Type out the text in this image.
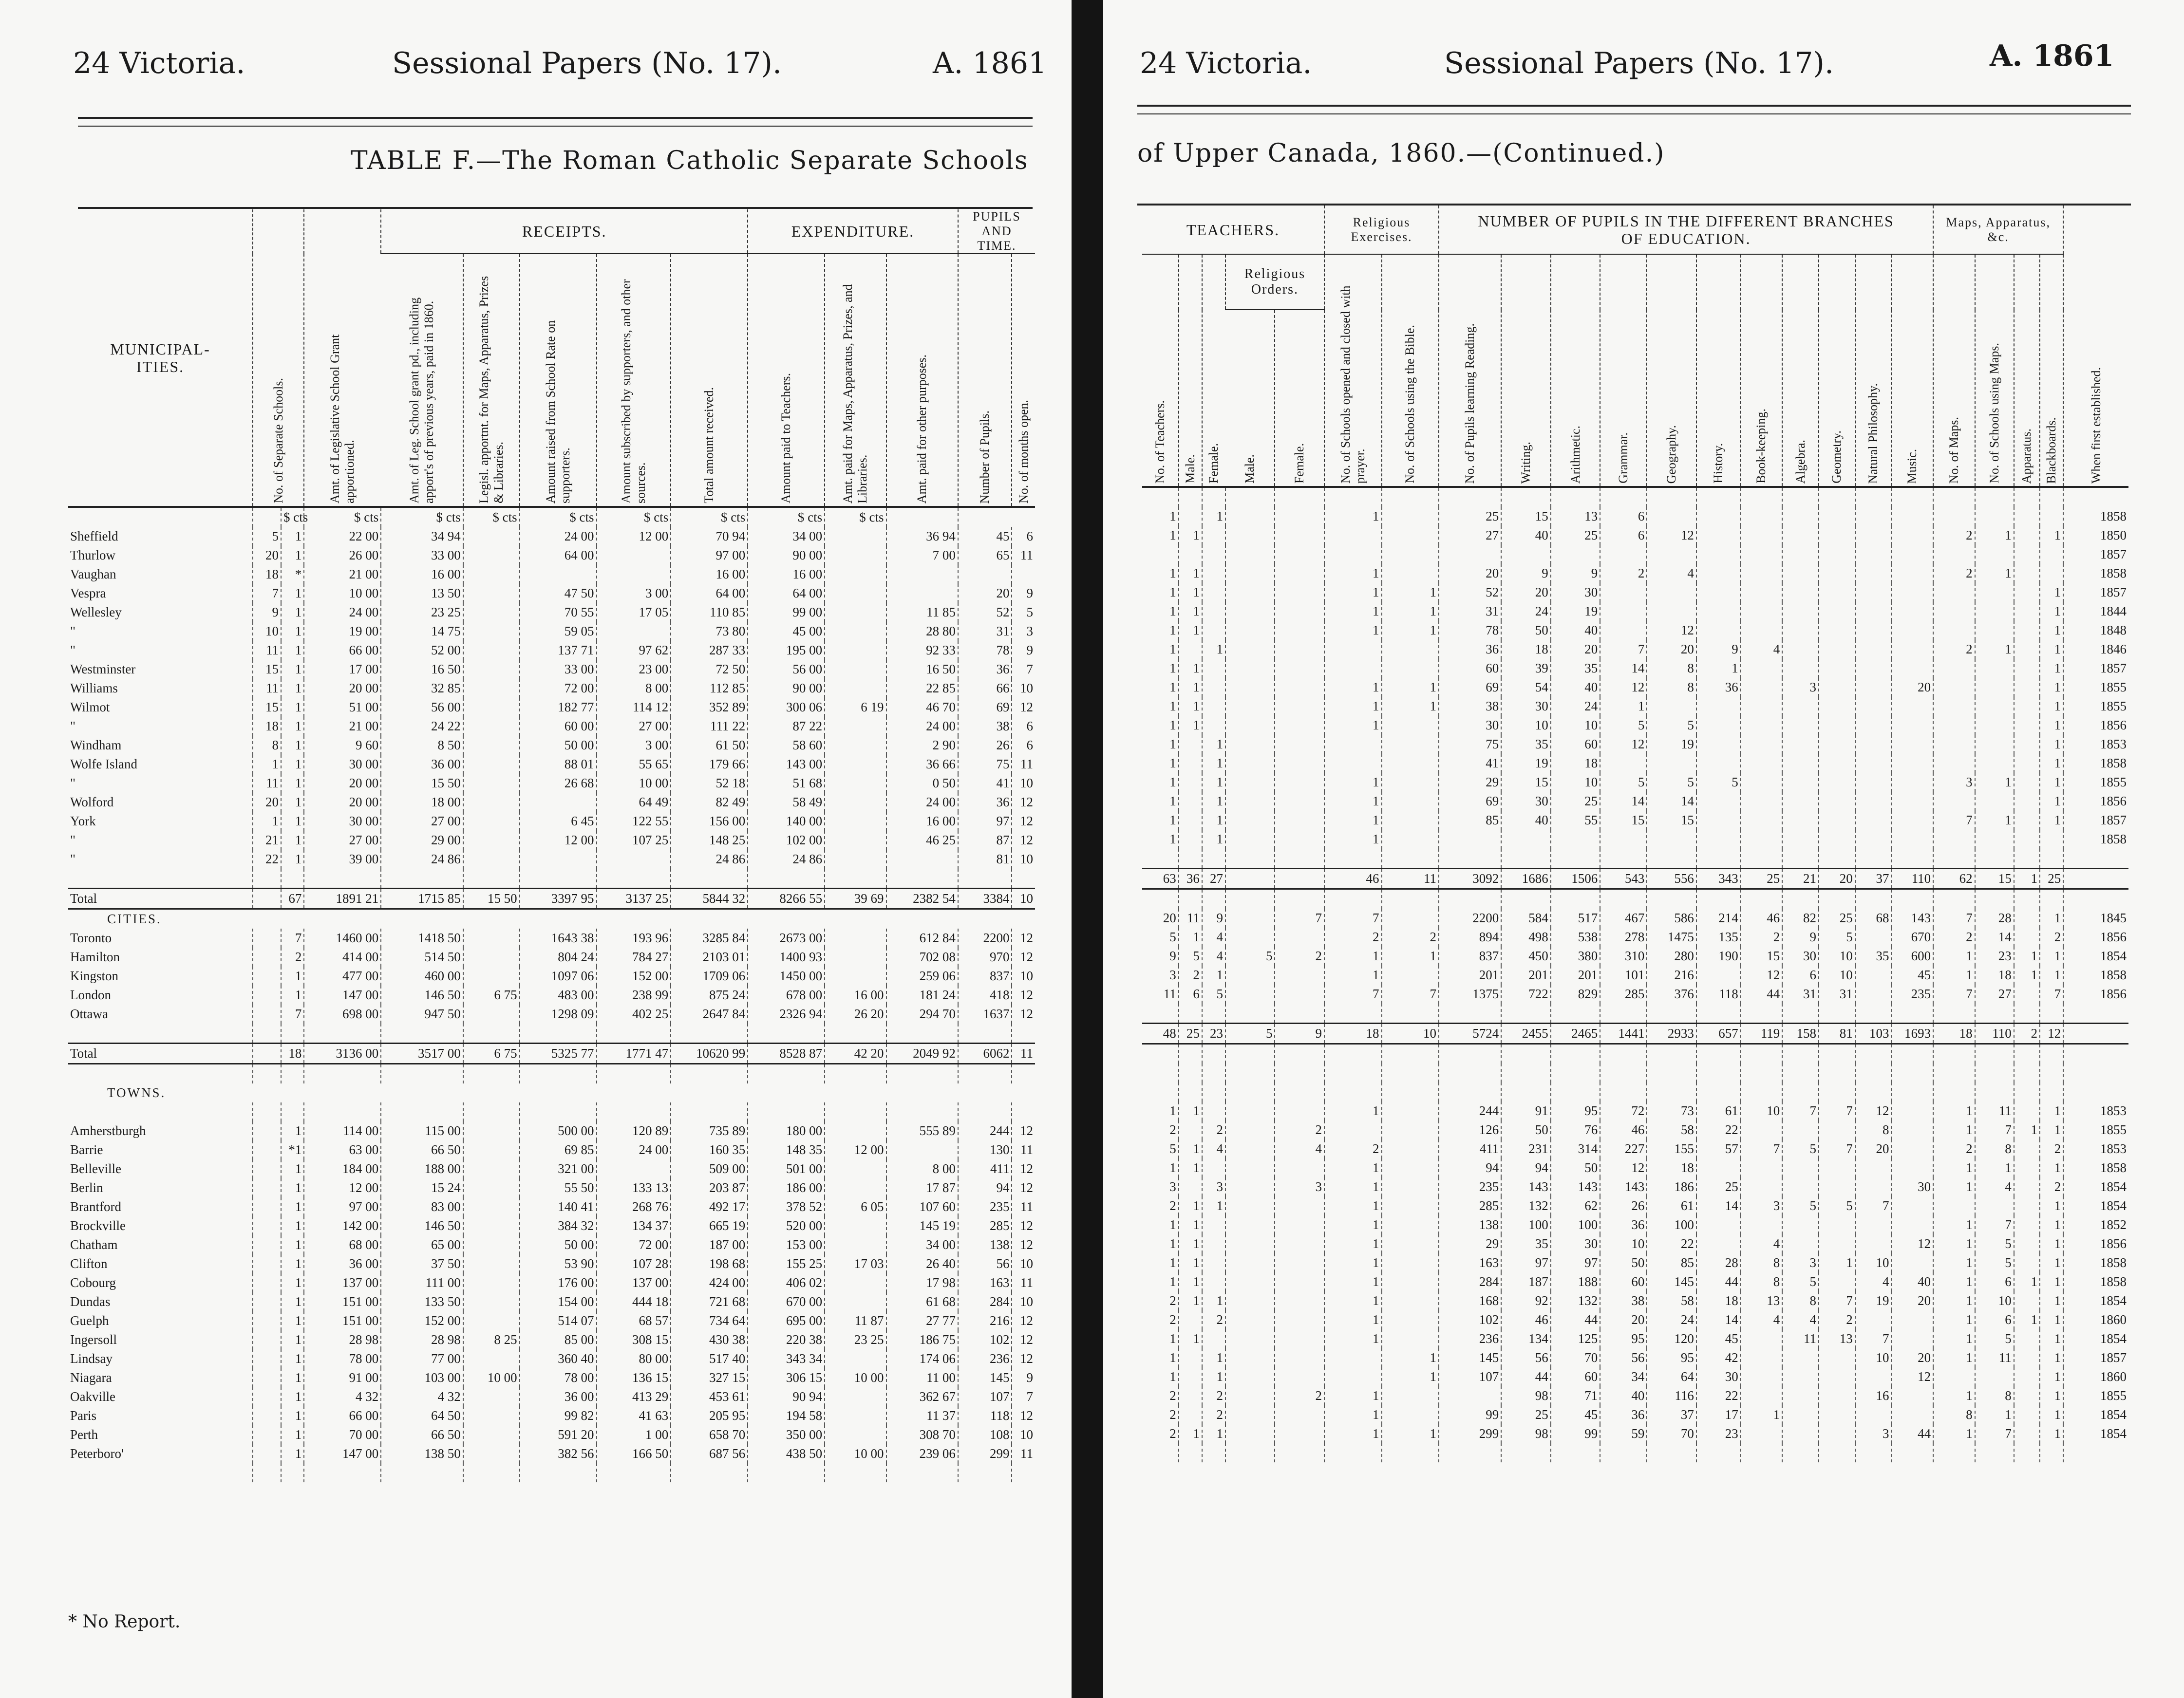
24 Victoria.	Sessional Papers (No. 17).	A. 1861
TABLE F.—The Roman Catholic Separate Schools
MUNICIPAL-ITIES.	No. of Separate Schools.		Amt. of Legislative School Grant apportioned.	RECEIPTS.					EXPENDITURE.			PUPILS AND TIME.	
				Amt. of Leg. School grant pd., including apport's of previous years, paid in 1860.	Legisl. apportnt. for Maps, Apparatus, Prizes & Libraries.	Amount raised from School Rate on supporters.	Amount subscribed by supporters, and other sources.	Total amount received.	Amount paid to Teachers.	Amt. paid for Maps, Apparatus, Prizes, and Libraries.	Amt. paid for other purposes.	Number of Pupils.	No. of months open.
		$ cts	$ cts	$ cts	$ cts	$ cts	$ cts	$ cts	$ cts	$ cts			
Sheffield	5	1	22 00	34 94		24 00	12 00	70 94	34 00		36 94	45	6
Thurlow	20	1	26 00	33 00		64 00		97 00	90 00		7 00	65	11
Vaughan	18	*	21 00	16 00				16 00	16 00				
Vespra	7	1	10 00	13 50		47 50	3 00	64 00	64 00			20	9
Wellesley	9	1	24 00	23 25		70 55	17 05	110 85	99 00		11 85	52	5
"	10	1	19 00	14 75		59 05		73 80	45 00		28 80	31	3
"	11	1	66 00	52 00		137 71	97 62	287 33	195 00		92 33	78	9
Westminster	15	1	17 00	16 50		33 00	23 00	72 50	56 00		16 50	36	7
Williams	11	1	20 00	32 85		72 00	8 00	112 85	90 00		22 85	66	10
Wilmot	15	1	51 00	56 00		182 77	114 12	352 89	300 06	6 19	46 70	69	12
"	18	1	21 00	24 22		60 00	27 00	111 22	87 22		24 00	38	6
Windham	8	1	9 60	8 50		50 00	3 00	61 50	58 60		2 90	26	6
Wolfe Island	1	1	30 00	36 00		88 01	55 65	179 66	143 00		36 66	75	11
"	11	1	20 00	15 50		26 68	10 00	52 18	51 68		0 50	41	10
Wolford	20	1	20 00	18 00			64 49	82 49	58 49		24 00	36	12
York	1	1	30 00	27 00		6 45	122 55	156 00	140 00		16 00	97	12
"	21	1	27 00	29 00		12 00	107 25	148 25	102 00		46 25	87	12
"	22	1	39 00	24 86				24 86	24 86			81	10

Total		67	1891 21	1715 85	15 50	3397 95	3137 25	5844 32	8266 55	39 69	2382 54	3384	10
CITIES.													
Toronto		7	1460 00	1418 50		1643 38	193 96	3285 84	2673 00		612 84	2200	12
Hamilton		2	414 00	514 50		804 24	784 27	2103 01	1400 93		702 08	970	12
Kingston		1	477 00	460 00		1097 06	152 00	1709 06	1450 00		259 06	837	10
London		1	147 00	146 50	6 75	483 00	238 99	875 24	678 00	16 00	181 24	418	12
Ottawa		7	698 00	947 50		1298 09	402 25	2647 84	2326 94	26 20	294 70	1637	12

Total		18	3136 00	3517 00	6 75	5325 77	1771 47	10620 99	8528 87	42 20	2049 92	6062	11

TOWNS.													

Amherstburgh		1	114 00	115 00		500 00	120 89	735 89	180 00		555 89	244	12
Barrie		*1	63 00	66 50		69 85	24 00	160 35	148 35	12 00		130	11
Belleville		1	184 00	188 00		321 00		509 00	501 00		8 00	411	12
Berlin		1	12 00	15 24		55 50	133 13	203 87	186 00		17 87	94	12
Brantford		1	97 00	83 00		140 41	268 76	492 17	378 52	6 05	107 60	235	11
Brockville		1	142 00	146 50		384 32	134 37	665 19	520 00		145 19	285	12
Chatham		1	68 00	65 00		50 00	72 00	187 00	153 00		34 00	138	12
Clifton		1	36 00	37 50		53 90	107 28	198 68	155 25	17 03	26 40	56	10
Cobourg		1	137 00	111 00		176 00	137 00	424 00	406 02		17 98	163	11
Dundas		1	151 00	133 50		154 00	444 18	721 68	670 00		61 68	284	10
Guelph		1	151 00	152 00		514 07	68 57	734 64	695 00	11 87	27 77	216	12
Ingersoll		1	28 98	28 98	8 25	85 00	308 15	430 38	220 38	23 25	186 75	102	12
Lindsay		1	78 00	77 00		360 40	80 00	517 40	343 34		174 06	236	12
Niagara		1	91 00	103 00	10 00	78 00	136 15	327 15	306 15	10 00	11 00	145	9
Oakville		1	4 32	4 32		36 00	413 29	453 61	90 94		362 67	107	7
Paris		1	66 00	64 50		99 82	41 63	205 95	194 58		11 37	118	12
Perth		1	70 00	66 50		591 20	1 00	658 70	350 00		308 70	108	10
Peterboro'		1	147 00	138 50		382 56	166 50	687 56	438 50	10 00	239 06	299	11

* No Report.
24 Victoria.	Sessional Papers (No. 17).	A. 1861
of Upper Canada, 1860.—(Continued.)
TEACHERS.					Religious Exercises.		NUMBER OF PUPILS IN THE DIFFERENT BRANCHES OF EDUCATION.											Maps, Apparatus, &c.				When first established.
No. of Teachers.	Male.	Female.	Religious Orders.		No. of Schools opened and closed with prayer.	No. of Schools using the Bible.	No. of Pupils learning Reading.	Writing.	Arithmetic.	Grammar.	Geography.	History.	Book-keeping.	Algebra.	Geometry.	Natural Philosophy.	Music.	No. of Maps.	No. of Schools using Maps.	Apparatus.	Blackboards.	
			Male.	Female.																		

1		1			1		25	15	13	6												1858
1	1						27	40	25	6	12							2	1		1	1850
																						1857
1	1				1		20	9	9	2	4							2	1			1858
1	1				1	1	52	20	30												1	1857
1	1				1	1	31	24	19												1	1844
1	1				1	1	78	50	40		12										1	1848
1		1					36	18	20	7	20	9	4					2	1		1	1846
1	1						60	39	35	14	8	1									1	1857
1	1				1	1	69	54	40	12	8	36		3			20				1	1855
1	1				1	1	38	30	24	1											1	1855
1	1				1		30	10	10	5	5										1	1856
1		1					75	35	60	12	19										1	1853
1		1					41	19	18												1	1858
1		1			1		29	15	10	5	5	5						3	1		1	1855
1		1			1		69	30	25	14	14										1	1856
1		1			1		85	40	55	15	15							7	1		1	1857
1		1			1																	1858

63	36	27			46	11	3092	1686	1506	543	556	343	25	21	20	37	110	62	15	1	25	

20	11	9		7	7		2200	584	517	467	586	214	46	82	25	68	143	7	28		1	1845
5	1	4			2	2	894	498	538	278	1475	135	2	9	5		670	2	14		2	1856
9	5	4	5	2	1	1	837	450	380	310	280	190	15	30	10	35	600	1	23	1	1	1854
3	2	1			1		201	201	201	101	216		12	6	10		45	1	18	1	1	1858
11	6	5			7	7	1375	722	829	285	376	118	44	31	31		235	7	27		7	1856

48	25	23	5	9	18	10	5724	2455	2465	1441	2933	657	119	158	81	103	1693	18	110	2	12	

1	1				1		244	91	95	72	73	61	10	7	7	12		1	11		1	1853
2		2		2			126	50	76	46	58	22				8		1	7	1	1	1855
5	1	4		4	2		411	231	314	227	155	57	7	5	7	20		2	8		2	1853
1	1				1		94	94	50	12	18							1	1		1	1858
3		3		3	1		235	143	143	143	186	25					30	1	4		2	1854
2	1	1			1		285	132	62	26	61	14	3	5	5	7					1	1854
1	1				1		138	100	100	36	100							1	7		1	1852
1	1				1		29	35	30	10	22		4				12	1	5		1	1856
1	1				1		163	97	97	50	85	28	8	3	1	10		1	5		1	1858
1	1				1		284	187	188	60	145	44	8	5		4	40	1	6	1	1	1858
2	1	1			1		168	92	132	38	58	18	13	8	7	19	20	1	10		1	1854
2		2			1		102	46	44	20	24	14	4	4	2			1	6	1	1	1860
1	1				1		236	134	125	95	120	45		11	13	7		1	5		1	1854
1		1				1	145	56	70	56	95	42				10	20	1	11		1	1857
1		1				1	107	44	60	34	64	30					12				1	1860
2		2		2	1			98	71	40	116	22				16		1	8		1	1855
2		2			1		99	25	45	36	37	17	1					8	1		1	1854
2	1	1			1	1	299	98	99	59	70	23				3	44	1	7		1	1854
